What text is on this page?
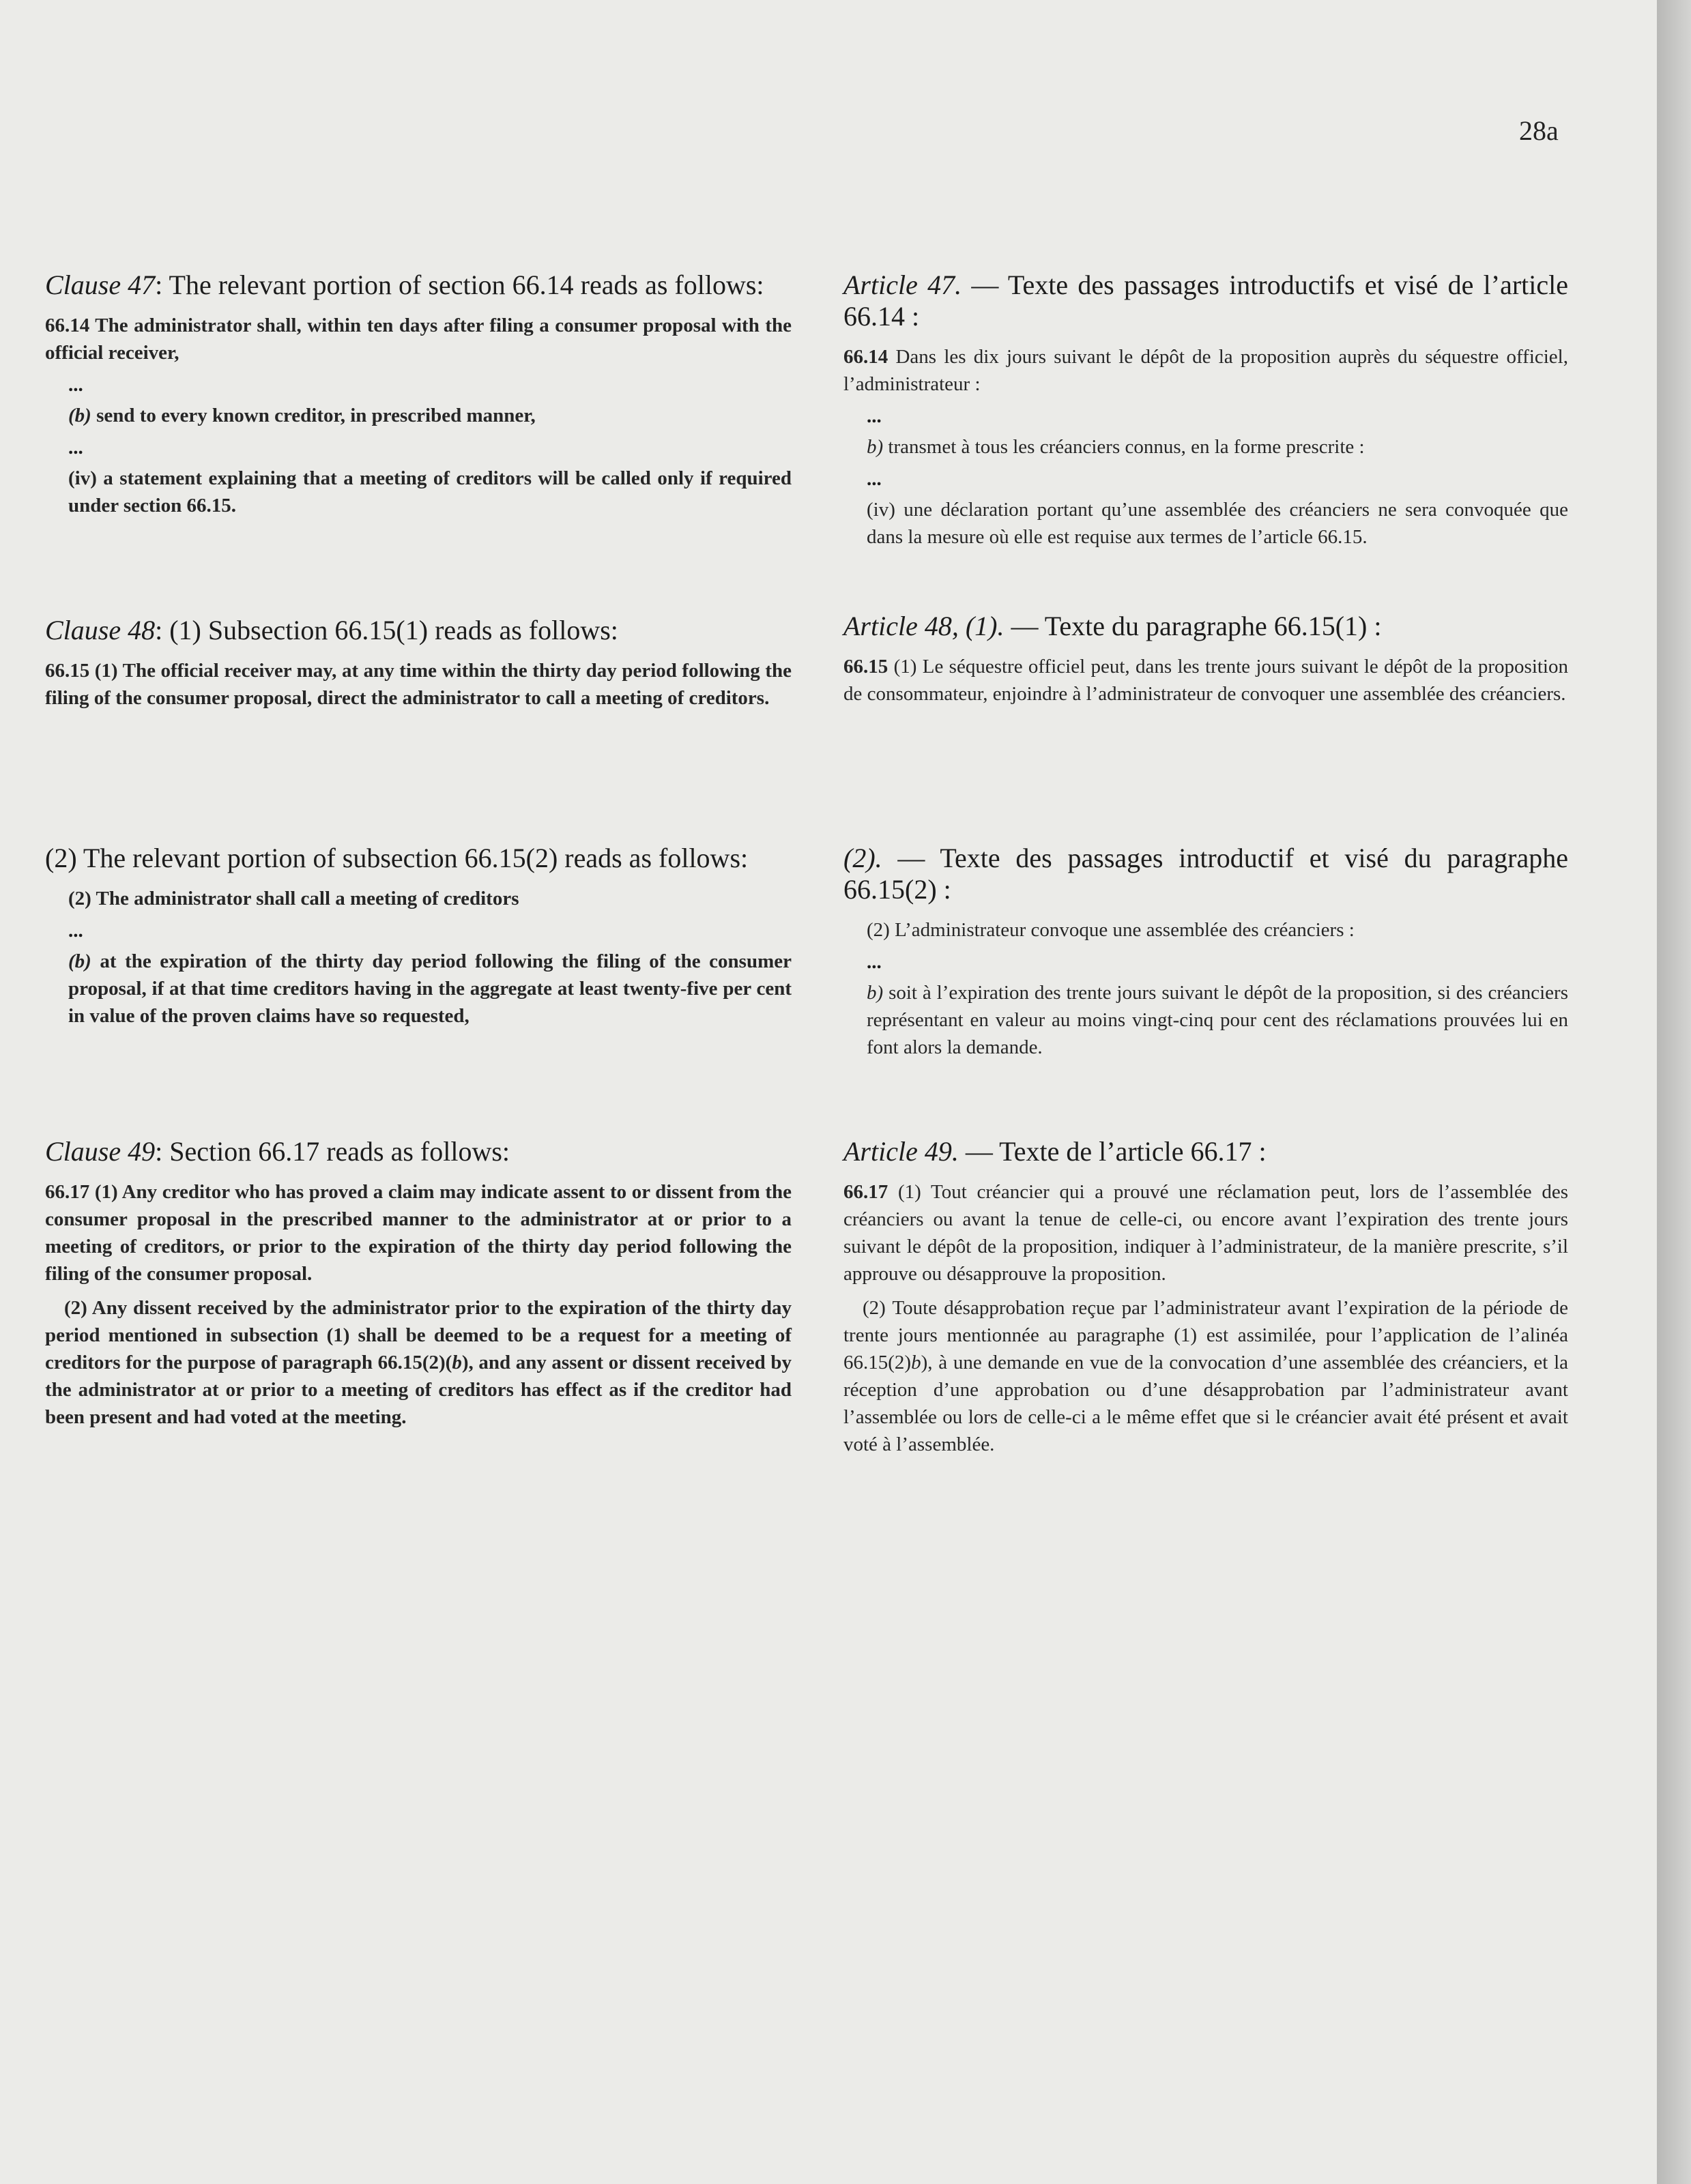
28a

Clause 47: The relevant portion of section 66.14 reads as follows:

66.14 The administrator shall, within ten days after filing a consumer proposal with the official receiver,

...

(b) send to every known creditor, in prescribed manner,

...

(iv) a statement explaining that a meeting of creditors will be called only if required under section 66.15.

Clause 48: (1) Subsection 66.15(1) reads as follows:

66.15 (1) The official receiver may, at any time within the thirty day period following the filing of the consumer proposal, direct the administrator to call a meeting of creditors.

(2) The relevant portion of subsection 66.15(2) reads as follows:

(2) The administrator shall call a meeting of creditors

...

(b) at the expiration of the thirty day period following the filing of the consumer proposal, if at that time creditors having in the aggregate at least twenty-five per cent in value of the proven claims have so requested,

Clause 49: Section 66.17 reads as follows:

66.17 (1) Any creditor who has proved a claim may indicate assent to or dissent from the consumer proposal in the prescribed manner to the administrator at or prior to a meeting of creditors, or prior to the expiration of the thirty day period following the filing of the consumer proposal.

(2) Any dissent received by the administrator prior to the expiration of the thirty day period mentioned in subsection (1) shall be deemed to be a request for a meeting of creditors for the purpose of paragraph 66.15(2)(b), and any assent or dissent received by the administrator at or prior to a meeting of creditors has effect as if the creditor had been present and had voted at the meeting.

Article 47. — Texte des passages introductifs et visé de l’article 66.14 :

66.14 Dans les dix jours suivant le dépôt de la proposition auprès du séquestre officiel, l’administrateur :

...

b) transmet à tous les créanciers connus, en la forme prescrite :

...

(iv) une déclaration portant qu’une assemblée des créanciers ne sera convoquée que dans la mesure où elle est requise aux termes de l’article 66.15.

Article 48, (1). — Texte du paragraphe 66.15(1) :

66.15 (1) Le séquestre officiel peut, dans les trente jours suivant le dépôt de la proposition de consommateur, enjoindre à l’administrateur de convoquer une assemblée des créanciers.

(2). — Texte des passages introductif et visé du paragraphe 66.15(2) :

(2) L’administrateur convoque une assemblée des créanciers :

...

b) soit à l’expiration des trente jours suivant le dépôt de la proposition, si des créanciers représentant en valeur au moins vingt-cinq pour cent des réclamations prouvées lui en font alors la demande.

Article 49. — Texte de l’article 66.17 :

66.17 (1) Tout créancier qui a prouvé une réclamation peut, lors de l’assemblée des créanciers ou avant la tenue de celle-ci, ou encore avant l’expiration des trente jours suivant le dépôt de la proposition, indiquer à l’administrateur, de la manière prescrite, s’il approuve ou désapprouve la proposition.

(2) Toute désapprobation reçue par l’administrateur avant l’expiration de la période de trente jours mentionnée au paragraphe (1) est assimilée, pour l’application de l’alinéa 66.15(2)b), à une demande en vue de la convocation d’une assemblée des créanciers, et la réception d’une approbation ou d’une désapprobation par l’administrateur avant l’assemblée ou lors de celle-ci a le même effet que si le créancier avait été présent et avait voté à l’assemblée.
